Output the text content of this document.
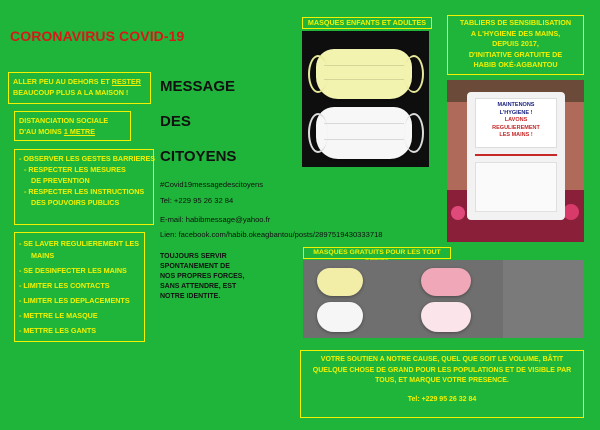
CORONAVIRUS COVID-19
ALLER PEU AU DEHORS ET RESTER
BEAUCOUP PLUS A LA MAISON !
DISTANCIATION SOCIALE
D'AU MOINS 1 METRE
- OBSERVER LES GESTES BARRIERES
- RESPECTER LES MESURES
DE PREVENTION
- RESPECTER LES INSTRUCTIONS
DES POUVOIRS PUBLICS
- SE LAVER REGULIEREMENT LES
MAINS
- SE DESINFECTER LES MAINS
- LIMITER LES CONTACTS
- LIMITER LES DEPLACEMENTS
- METTRE LE MASQUE
- METTRE LES GANTS
MESSAGE
DES
CITOYENS
#Covid19messagedescitoyens
Tel: +229 95 26 32 84
E-mail: habibmessage@yahoo.fr
Lien: facebook.com/habib.okeagbantou/posts/2897519430333718
TOUJOURS SERVIR
SPONTANEMENT DE
NOS PROPRES FORCES,
SANS ATTENDRE, EST
NOTRE IDENTITE.
MASQUES ENFANTS ET ADULTES	TABLIERS DE SENSIBILISATION
A L'HYGIENE DES MAINS,
DEPUIS 2017,
D'INITIATIVE GRATUITE DE
HABIB OKÉ-AGBANTOU
MAINTENONS
L'HYGIENE !
LAVONS
REGULIEREMENT
LES MAINS !
MASQUES GRATUITS POUR LES TOUT
VOTRE SOUTIEN A NOTRE CAUSE, QUEL QUE SOIT LE VOLUME, BÂTIT
QUELQUE CHOSE DE GRAND POUR LES POPULATIONS ET DE VISIBLE PAR
TOUS, ET MARQUE VOTRE PRESENCE.
Tel: +229 95 26 32 84
